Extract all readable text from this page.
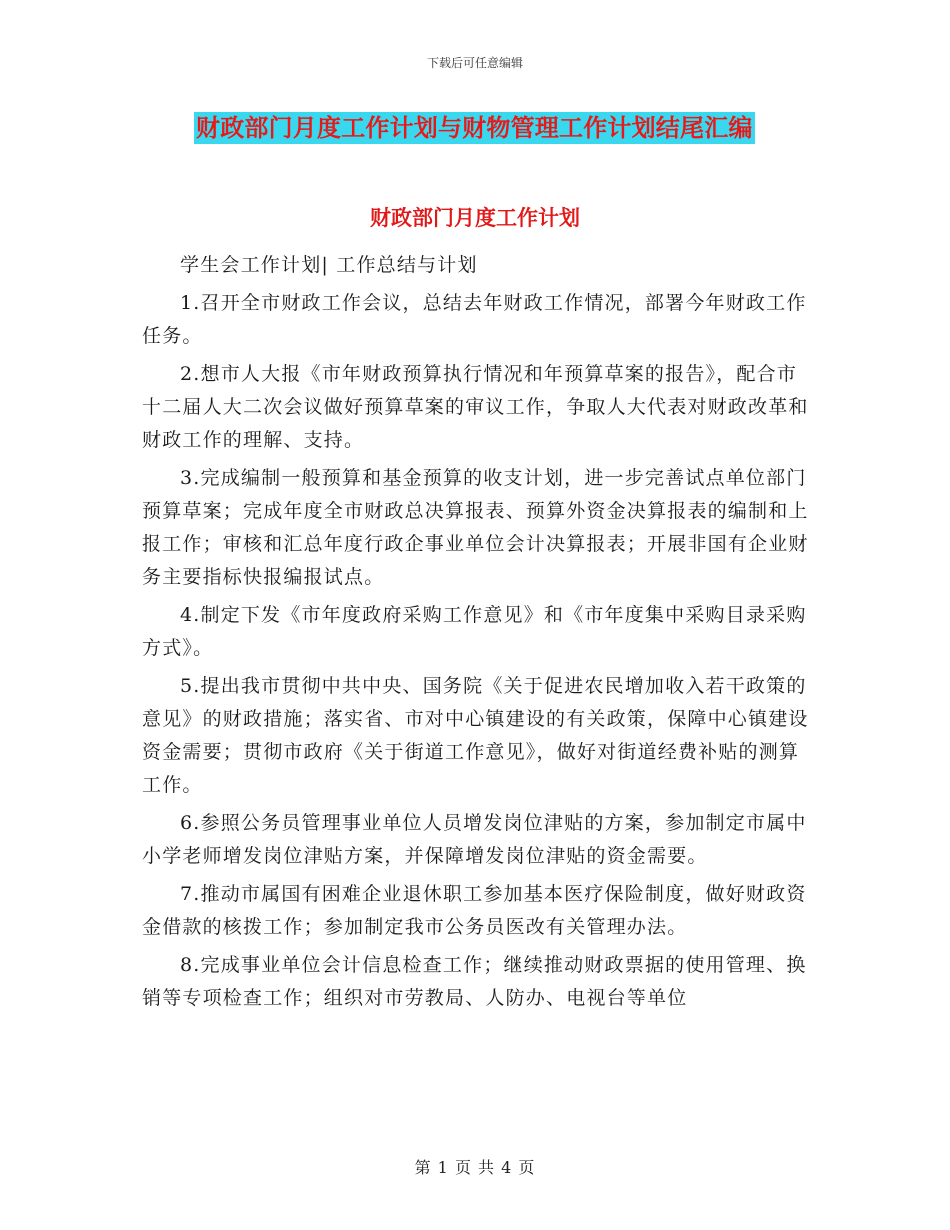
下载后可任意编辑
财政部门月度工作计划与财物管理工作计划结尾汇编
财政部门月度工作计划

学生会工作计划| 工作总结与计划

1.召开全市财政工作会议，总结去年财政工作情况，部署今年财政工作任务。

2.想市人大报《市年财政预算执行情况和年预算草案的报告》，配合市十二届人大二次会议做好预算草案的审议工作，争取人大代表对财政改革和财政工作的理解、支持。

3.完成编制一般预算和基金预算的收支计划，进一步完善试点单位部门预算草案；完成年度全市财政总决算报表、预算外资金决算报表的编制和上报工作；审核和汇总年度行政企事业单位会计决算报表；开展非国有企业财务主要指标快报编报试点。

4.制定下发《市年度政府采购工作意见》和《市年度集中采购目录采购方式》。

5.提出我市贯彻中共中央、国务院《关于促进农民增加收入若干政策的意见》的财政措施；落实省、市对中心镇建设的有关政策，保障中心镇建设资金需要；贯彻市政府《关于街道工作意见》，做好对街道经费补贴的测算工作。

6.参照公务员管理事业单位人员增发岗位津贴的方案，参加制定市属中小学老师增发岗位津贴方案，并保障增发岗位津贴的资金需要。

7.推动市属国有困难企业退休职工参加基本医疗保险制度，做好财政资金借款的核拨工作；参加制定我市公务员医改有关管理办法。

8.完成事业单位会计信息检查工作；继续推动财政票据的使用管理、换销等专项检查工作；组织对市劳教局、人防办、电视台等单位

第 1 页 共 4 页
